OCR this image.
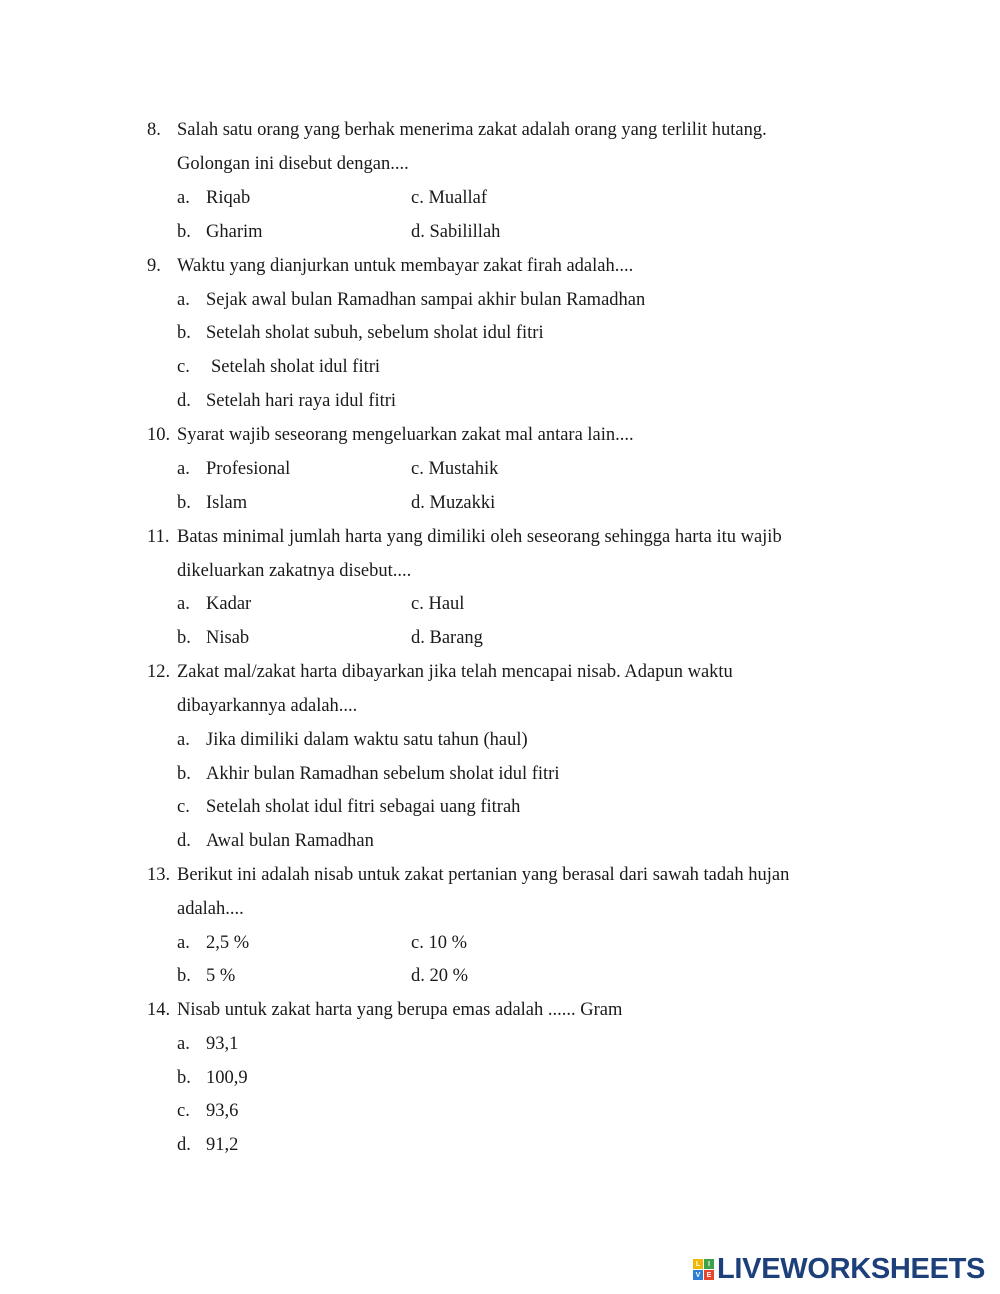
8. Salah satu orang yang berhak menerima zakat adalah orang yang terlilit hutang.
Golongan ini disebut dengan....
a. Riqab	c. Muallaf
b. Gharim	d. Sabilillah
9. Waktu yang dianjurkan untuk membayar zakat firah adalah....
a. Sejak awal bulan Ramadhan sampai akhir bulan Ramadhan
b. Setelah sholat subuh, sebelum sholat idul fitri
c. Setelah sholat idul fitri
d. Setelah hari raya idul fitri
10. Syarat wajib seseorang mengeluarkan zakat mal antara lain....
a. Profesional	c. Mustahik
b. Islam	d. Muzakki
11. Batas minimal jumlah harta yang dimiliki oleh seseorang sehingga harta itu wajib
dikeluarkan zakatnya disebut....
a. Kadar	c. Haul
b. Nisab	d. Barang
12. Zakat mal/zakat harta dibayarkan jika telah mencapai nisab. Adapun waktu
dibayarkannya adalah....
a. Jika dimiliki dalam waktu satu tahun (haul)
b. Akhir bulan Ramadhan sebelum sholat idul fitri
c. Setelah sholat idul fitri sebagai uang fitrah
d. Awal bulan Ramadhan
13. Berikut ini adalah nisab untuk zakat pertanian yang berasal dari sawah tadah hujan
adalah....
a. 2,5 %	c. 10 %
b. 5 %	d. 20 %
14. Nisab untuk zakat harta yang berupa emas adalah ...... Gram
a. 93,1
b. 100,9
c. 93,6
d. 91,2
L	I
V E LIVEWORKSHEETS
